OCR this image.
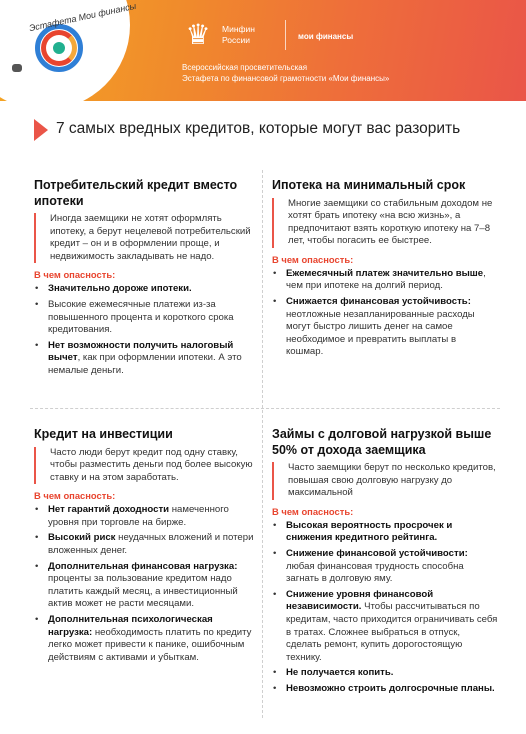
Эстафета Мои финансы
♛	Минфин
России	мои финансы
Всероссийская просветительская
Эстафета по финансовой грамотности «Мои финансы»
7 самых вредных кредитов, которые могут вас разорить
Потребительский кредит вместо ипотеки
Иногда заемщики не хотят оформлять ипотеку, а берут нецелевой потребительский кредит – он и в оформлении проще, и недвижимость закладывать не надо.
В чем опасность:
• Значительно дороже ипотеки.
• Высокие ежемесячные платежи из-за повышенного процента и короткого срока кредитования.
• Нет возможности получить налоговый вычет, как при оформлении ипотеки. А это немалые деньги.
Ипотека на минимальный срок
Многие заемщики со стабильным доходом не хотят брать ипотеку «на всю жизнь», а предпочитают взять короткую ипотеку на 7–8 лет, чтобы погасить ее быстрее.
В чем опасность:
• Ежемесячный платеж значительно выше, чем при ипотеке на долгий период.
• Снижается финансовая устойчивость: неотложные незапланированные расходы могут быстро лишить денег на самое необходимое и превратить выплаты в кошмар.
Кредит на инвестиции
Часто люди берут кредит под одну ставку, чтобы разместить деньги под более высокую ставку и на этом заработать.
В чем опасность:
• Нет гарантий доходности намеченного уровня при торговле на бирже.
• Высокий риск неудачных вложений и потери вложенных денег.
• Дополнительная финансовая нагрузка: проценты за пользование кредитом надо платить каждый месяц, а инвестиционный актив может не расти месяцами.
• Дополнительная психологическая нагрузка: необходимость платить по кредиту легко может привести к панике, ошибочным действиям с активами и убыткам.
Займы с долговой нагрузкой выше 50% от дохода заемщика
Часто заемщики берут по несколько кредитов, повышая свою долговую нагрузку до максимальной
В чем опасность:
• Высокая вероятность просрочек и снижения кредитного рейтинга.
• Снижение финансовой устойчивости: любая финансовая трудность способна загнать в долговую яму.
• Снижение уровня финансовой независимости. Чтобы рассчитываться по кредитам, часто приходится ограничивать себя в тратах. Сложнее выбраться в отпуск, сделать ремонт, купить дорогостоящую технику.
• Не получается копить.
• Невозможно строить долгосрочные планы.
